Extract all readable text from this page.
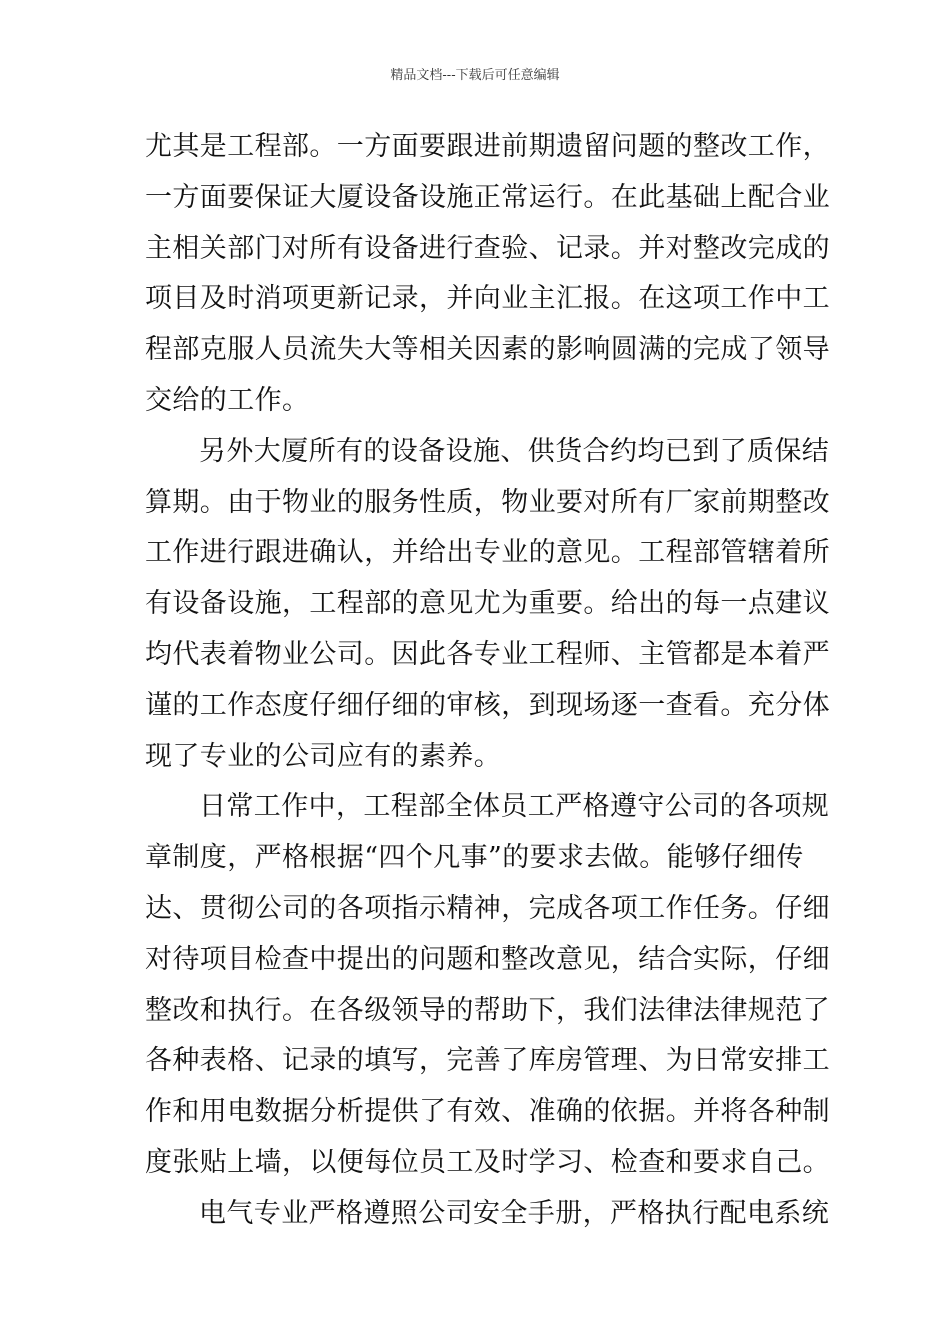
精品文档---下载后可任意编辑
尤其是工程部。一方面要跟进前期遗留问题的整改工作，
一方面要保证大厦设备设施正常运行。在此基础上配合业
主相关部门对所有设备进行查验、记录。并对整改完成的
项目及时消项更新记录，并向业主汇报。在这项工作中工
程部克服人员流失大等相关因素的影响圆满的完成了领导
交给的工作。
另外大厦所有的设备设施、供货合约均已到了质保结
算期。由于物业的服务性质，物业要对所有厂家前期整改
工作进行跟进确认，并给出专业的意见。工程部管辖着所
有设备设施，工程部的意见尤为重要。给出的每一点建议
均代表着物业公司。因此各专业工程师、主管都是本着严
谨的工作态度仔细仔细的审核，到现场逐一查看。充分体
现了专业的公司应有的素养。
日常工作中，工程部全体员工严格遵守公司的各项规
章制度，严格根据“四个凡事”的要求去做。能够仔细传
达、贯彻公司的各项指示精神，完成各项工作任务。仔细
对待项目检查中提出的问题和整改意见，结合实际，仔细
整改和执行。在各级领导的帮助下，我们法律法律规范了
各种表格、记录的填写，完善了库房管理、为日常安排工
作和用电数据分析提供了有效、准确的依据。并将各种制
度张贴上墙，以便每位员工及时学习、检查和要求自己。
电气专业严格遵照公司安全手册，严格执行配电系统
